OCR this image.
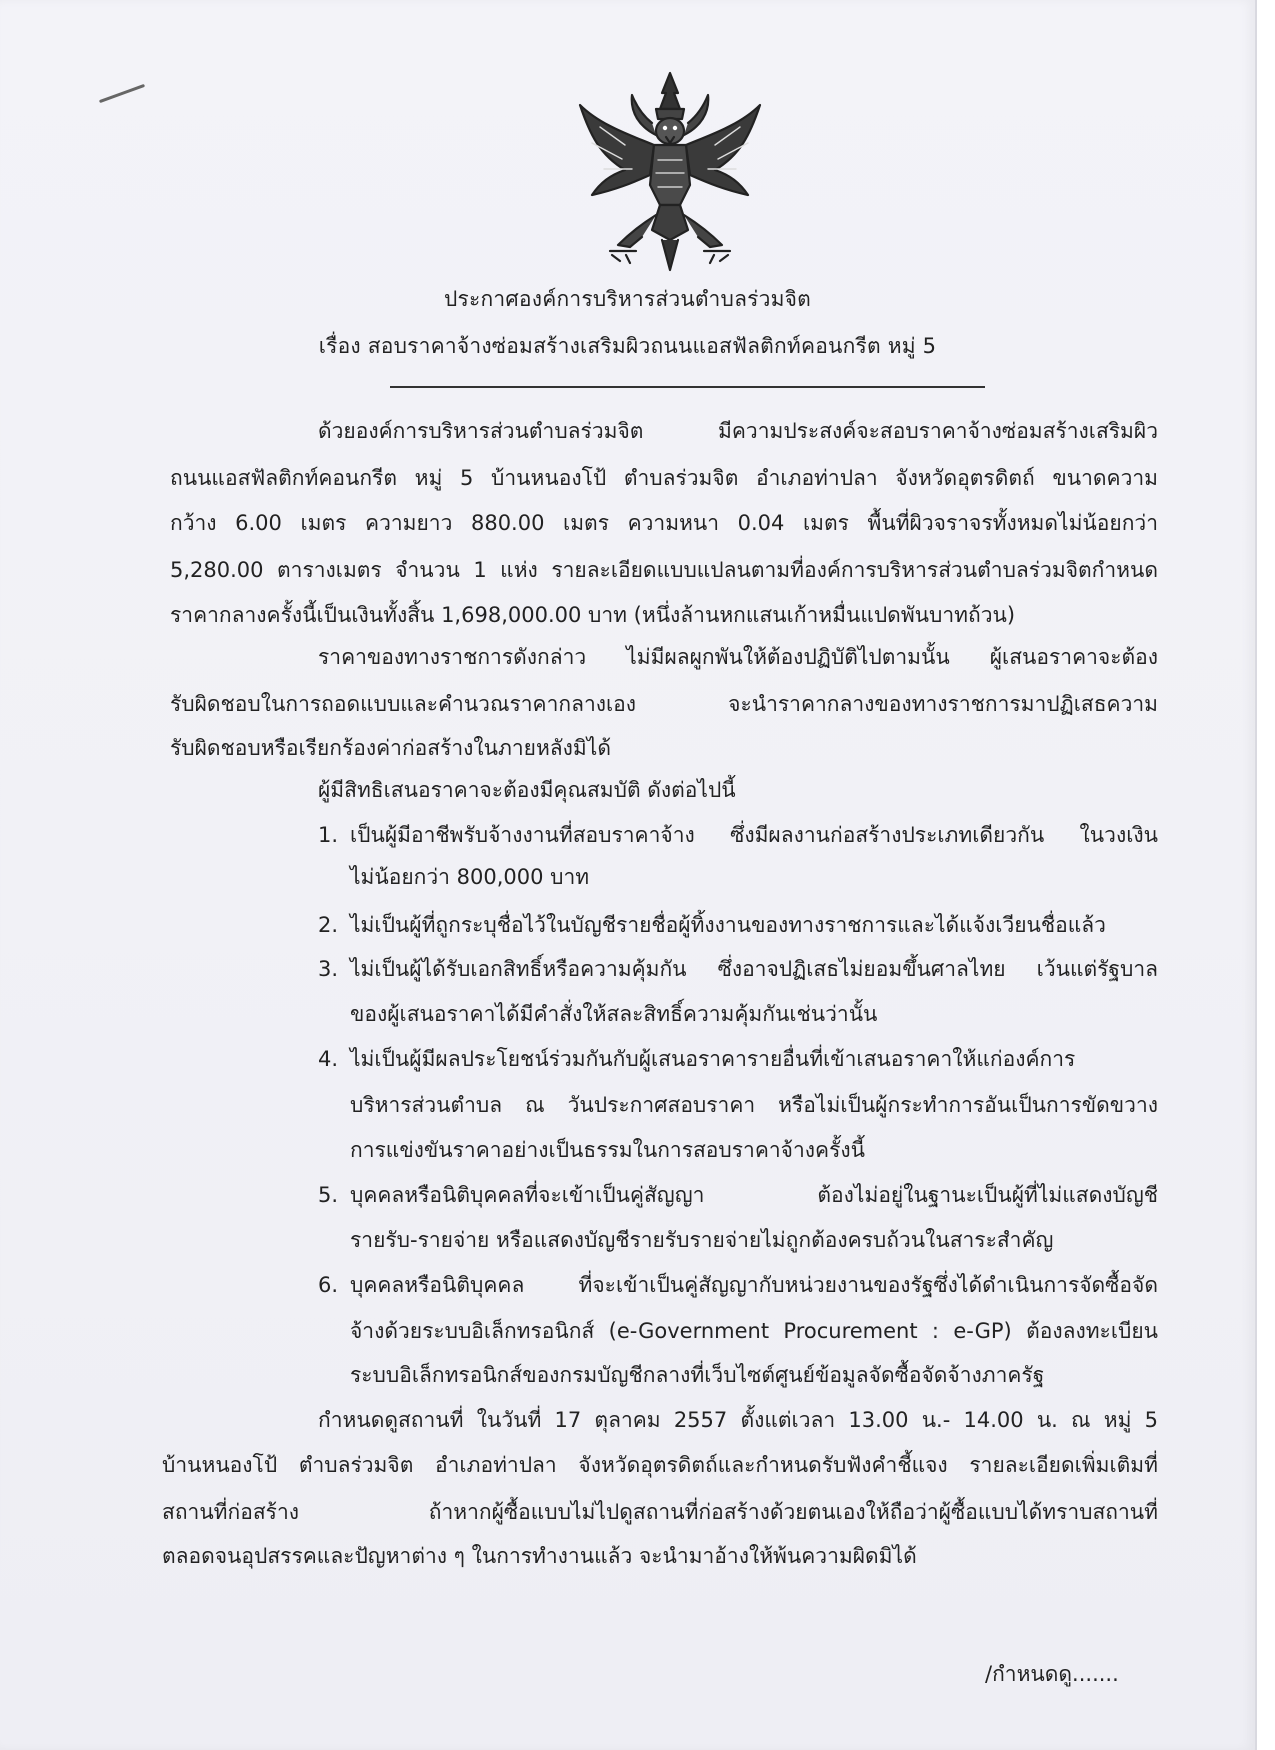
ประกาศองค์การบริหารส่วนตำบลร่วมจิต
เรื่อง สอบราคาจ้างซ่อมสร้างเสริมผิวถนนแอสฟัลติกท์คอนกรีต หมู่ 5
ด้วยองค์การบริหารส่วนตำบลร่วมจิต มีความประสงค์จะสอบราคาจ้างซ่อมสร้างเสริมผิว
ถนนแอสฟัลติกท์คอนกรีต หมู่ 5 บ้านหนองโป้ ตำบลร่วมจิต อำเภอท่าปลา จังหวัดอุตรดิตถ์ ขนาดความ
กว้าง 6.00 เมตร ความยาว 880.00 เมตร ความหนา 0.04 เมตร พื้นที่ผิวจราจรทั้งหมดไม่น้อยกว่า
5,280.00 ตารางเมตร จำนวน 1 แห่ง รายละเอียดแบบแปลนตามที่องค์การบริหารส่วนตำบลร่วมจิตกำหนด
ราคากลางครั้งนี้เป็นเงินทั้งสิ้น 1,698,000.00 บาท (หนึ่งล้านหกแสนเก้าหมื่นแปดพันบาทถ้วน)
ราคาของทางราชการดังกล่าว ไม่มีผลผูกพันให้ต้องปฏิบัติไปตามนั้น ผู้เสนอราคาจะต้อง
รับผิดชอบในการถอดแบบและคำนวณราคากลางเอง จะนำราคากลางของทางราชการมาปฏิเสธความ
รับผิดชอบหรือเรียกร้องค่าก่อสร้างในภายหลังมิได้
ผู้มีสิทธิเสนอราคาจะต้องมีคุณสมบัติ ดังต่อไปนี้
1. เป็นผู้มีอาชีพรับจ้างงานที่สอบราคาจ้าง ซึ่งมีผลงานก่อสร้างประเภทเดียวกัน ในวงเงิน
ไม่น้อยกว่า 800,000 บาท
2. ไม่เป็นผู้ที่ถูกระบุชื่อไว้ในบัญชีรายชื่อผู้ทิ้งงานของทางราชการและได้แจ้งเวียนชื่อแล้ว
3. ไม่เป็นผู้ได้รับเอกสิทธิ์หรือความคุ้มกัน ซึ่งอาจปฏิเสธไม่ยอมขึ้นศาลไทย เว้นแต่รัฐบาล
ของผู้เสนอราคาได้มีคำสั่งให้สละสิทธิ์ความคุ้มกันเช่นว่านั้น
4. ไม่เป็นผู้มีผลประโยชน์ร่วมกันกับผู้เสนอราคารายอื่นที่เข้าเสนอราคาให้แก่องค์การ
บริหารส่วนตำบล ณ วันประกาศสอบราคา หรือไม่เป็นผู้กระทำการอันเป็นการขัดขวาง
การแข่งขันราคาอย่างเป็นธรรมในการสอบราคาจ้างครั้งนี้
5. บุคคลหรือนิติบุคคลที่จะเข้าเป็นคู่สัญญา ต้องไม่อยู่ในฐานะเป็นผู้ที่ไม่แสดงบัญชี
รายรับ-รายจ่าย หรือแสดงบัญชีรายรับรายจ่ายไม่ถูกต้องครบถ้วนในสาระสำคัญ
6. บุคคลหรือนิติบุคคล ที่จะเข้าเป็นคู่สัญญากับหน่วยงานของรัฐซึ่งได้ดำเนินการจัดซื้อจัด
จ้างด้วยระบบอิเล็กทรอนิกส์ (e-Government Procurement : e-GP) ต้องลงทะเบียน
ระบบอิเล็กทรอนิกส์ของกรมบัญชีกลางที่เว็บไซต์ศูนย์ข้อมูลจัดซื้อจัดจ้างภาครัฐ
กำหนดดูสถานที่ ในวันที่ 17 ตุลาคม 2557 ตั้งแต่เวลา 13.00 น.- 14.00 น. ณ หมู่ 5
บ้านหนองโป้ ตำบลร่วมจิต อำเภอท่าปลา จังหวัดอุตรดิตถ์และกำหนดรับฟังคำชี้แจง รายละเอียดเพิ่มเติมที่
สถานที่ก่อสร้าง ถ้าหากผู้ซื้อแบบไม่ไปดูสถานที่ก่อสร้างด้วยตนเองให้ถือว่าผู้ซื้อแบบได้ทราบสถานที่
ตลอดจนอุปสรรคและปัญหาต่าง ๆ ในการทำงานแล้ว จะนำมาอ้างให้พ้นความผิดมิได้
/กำหนดดู.......
